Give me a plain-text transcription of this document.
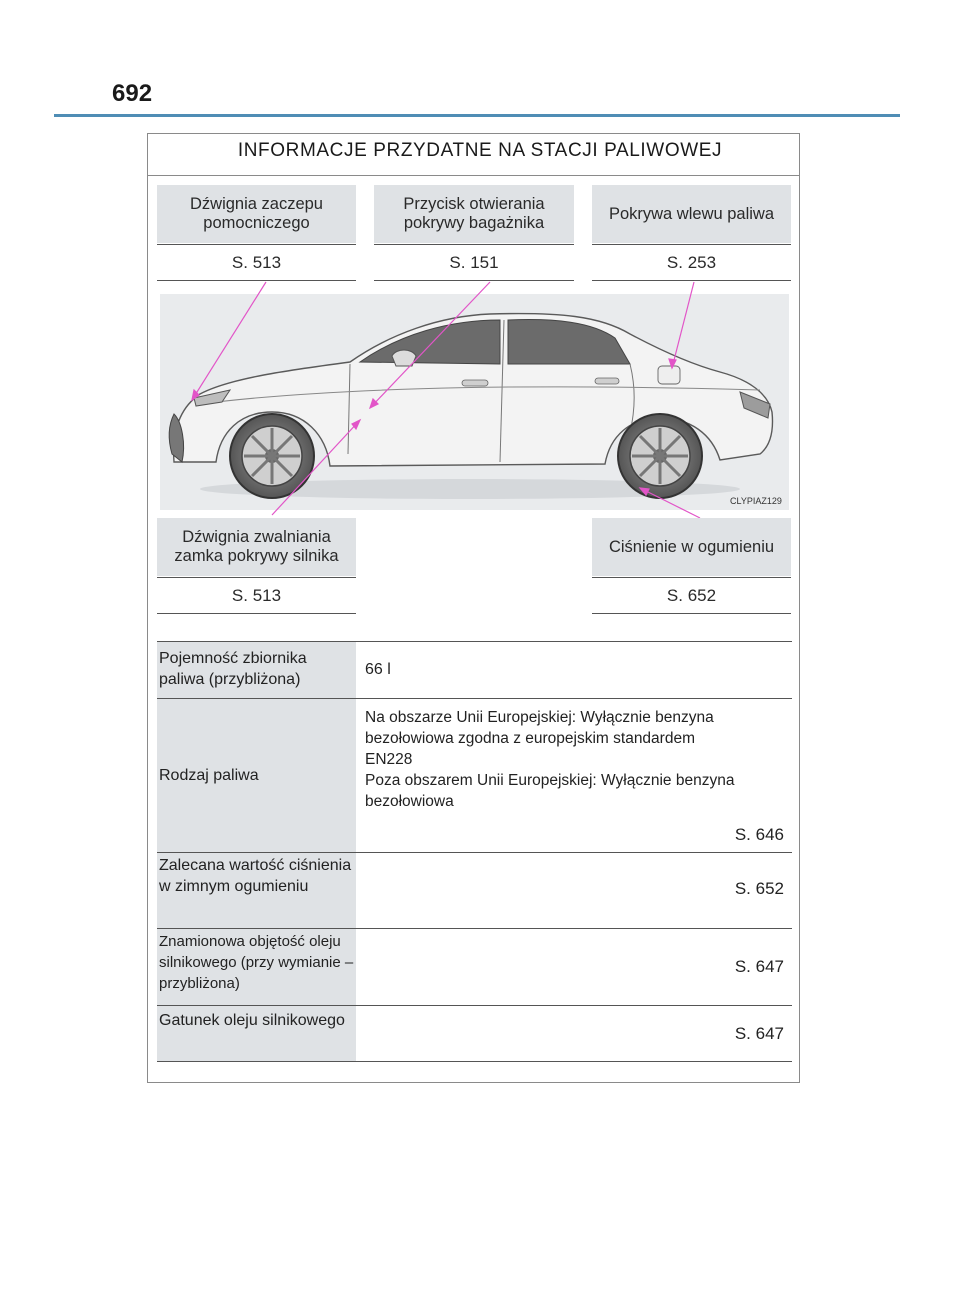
692
INFORMACJE PRZYDATNE NA STACJI PALIWOWEJ
Dźwignia zaczepu pomocniczego
S. 513
Przycisk otwierania pokrywy bagażnika
S. 151
Pokrywa wlewu paliwa
S. 253
CLYPIAZ129
Dźwignia zwalniania zamka pokrywy silnika
S. 513
Ciśnienie w ogumieniu
S. 652
Pojemność zbiornika paliwa (przybliżona)
66 l
Rodzaj paliwa
Na obszarze Unii Europejskiej: Wyłącznie benzyna
bezołowiowa zgodna z europejskim standardem
EN228
Poza obszarem Unii Europejskiej: Wyłącznie benzyna
bezołowiowa
S. 646
Zalecana wartość ciśnienia w zimnym ogumieniu	S. 652
Znamionowa objętość oleju silnikowego (przy wymianie – przybliżona)
S. 647
Gatunek oleju silnikowego
S. 647
